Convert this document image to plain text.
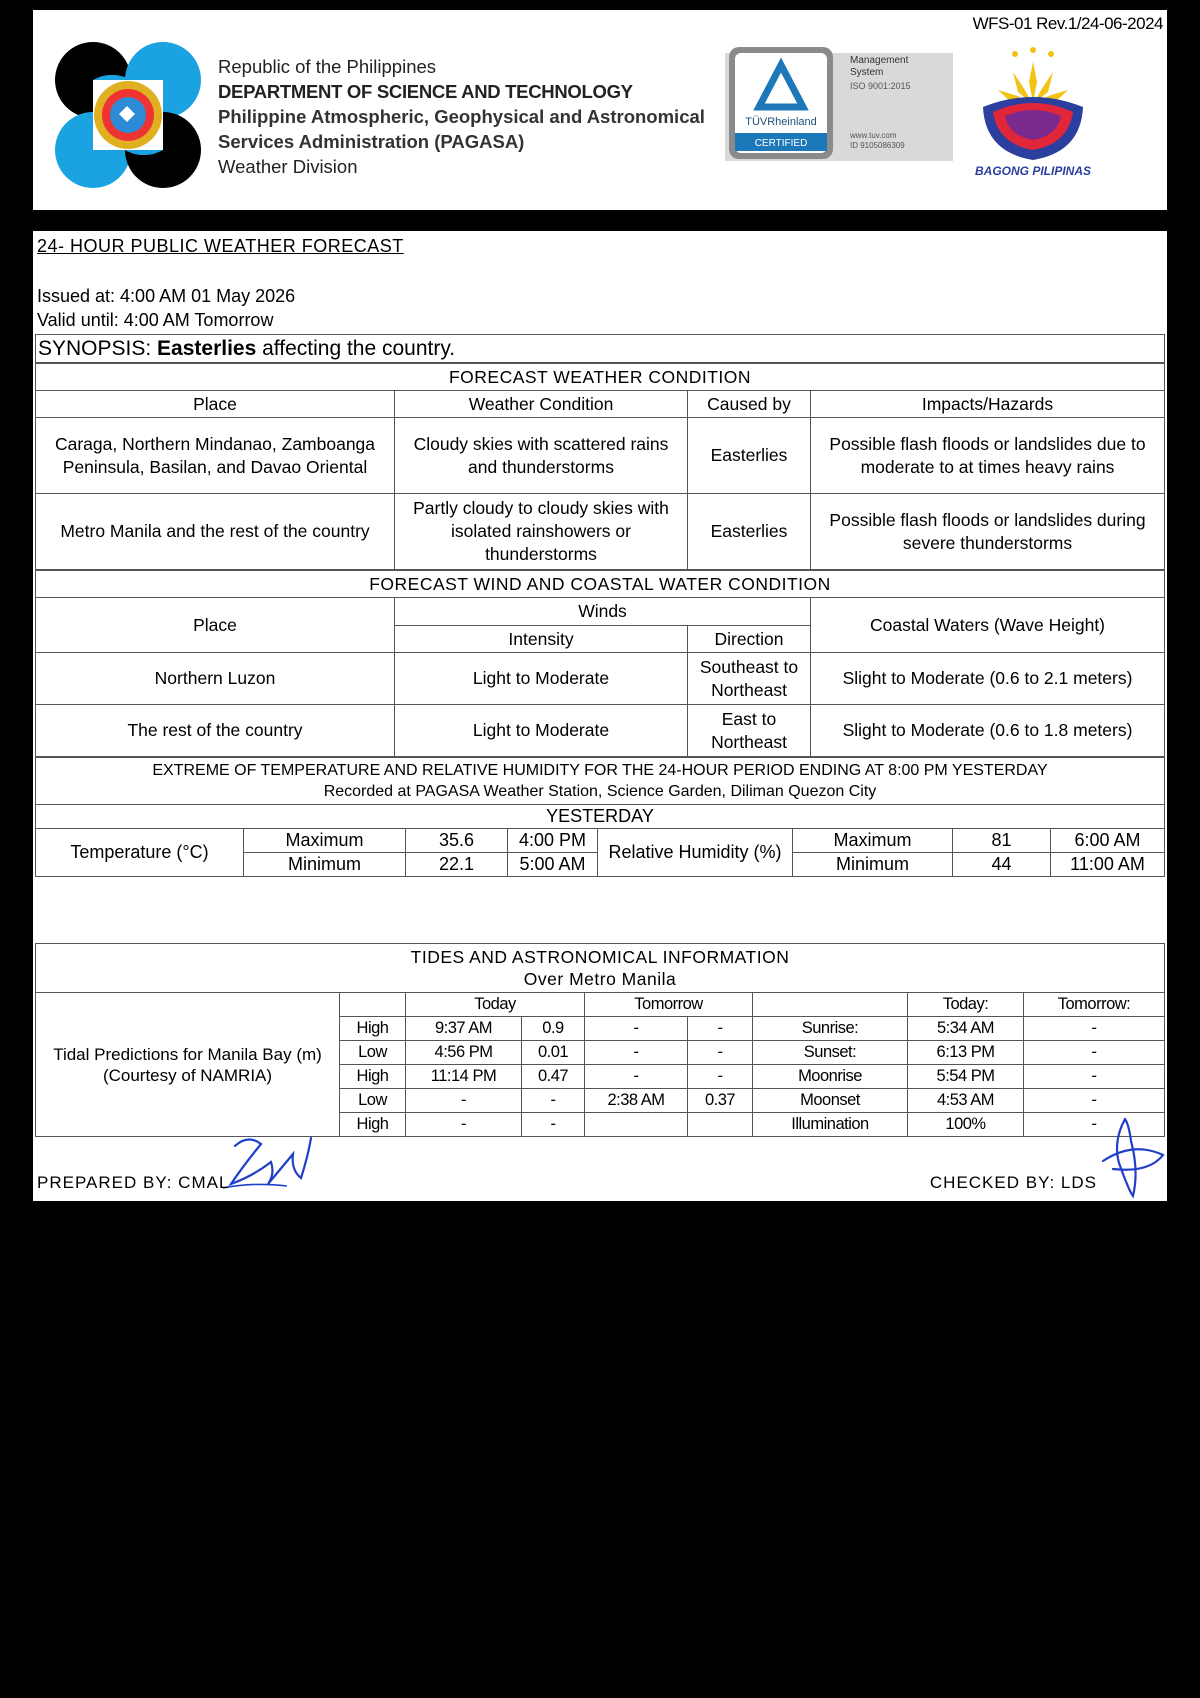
WFS-01 Rev.1/24-06-2024
Republic of the Philippines
DEPARTMENT OF SCIENCE AND TECHNOLOGY
Philippine Atmospheric, Geophysical and Astronomical
Services Administration (PAGASA)
Weather Division
TÜVRheinland
CERTIFIED
Management
System
ISO 9001:2015
www.tuv.com
ID 9105086309
BAGONG PILIPINAS
24- HOUR PUBLIC WEATHER FORECAST
Issued at: 4:00 AM 01 May 2026
Valid until: 4:00 AM Tomorrow
SYNOPSIS: Easterlies affecting the country.
FORECAST WEATHER CONDITION			
Place	Weather Condition	Caused by	Impacts/Hazards
Caraga, Northern Mindanao, Zamboanga Peninsula, Basilan, and Davao Oriental	Cloudy skies with scattered rains and thunderstorms	Easterlies	Possible flash floods or landslides due to moderate to at times heavy rains
Metro Manila and the rest of the country	Partly cloudy to cloudy skies with isolated rainshowers or thunderstorms	Easterlies	Possible flash floods or landslides during severe thunderstorms
FORECAST WIND AND COASTAL WATER CONDITION			
Place	Winds		Coastal Waters (Wave Height)
	Intensity	Direction	
Northern Luzon	Light to Moderate	Southeast to Northeast	Slight to Moderate (0.6 to 2.1 meters)
The rest of the country	Light to Moderate	East to Northeast	Slight to Moderate (0.6 to 1.8 meters)
EXTREME OF TEMPERATURE AND RELATIVE HUMIDITY FOR THE 24-HOUR PERIOD ENDING AT 8:00 PM YESTERDAY
Recorded at PAGASA Weather Station, Science Garden, Diliman Quezon City							

YESTERDAY							
Temperature (°C)	Maximum	35.6	4:00 PM	Relative Humidity (%)	Maximum	81	6:00 AM
	Minimum	22.1	5:00 AM		Minimum	44	11:00 AM
TIDES AND ASTRONOMICAL INFORMATION
Over Metro Manila								

Tidal Predictions for Manila Bay (m) (Courtesy of NAMRIA)		Today		Tomorrow			Today:	Tomorrow:
	High	9:37 AM	0.9	-	-	Sunrise:	5:34 AM	-
	Low	4:56 PM	0.01	-	-	Sunset:	6:13 PM	-
	High	11:14 PM	0.47	-	-	Moonrise	5:54 PM	-
	Low	-	-	2:38 AM	0.37	Moonset	4:53 AM	-
	High	-	-			Illumination	100%	-
PREPARED BY: CMAL	CHECKED BY: LDS
